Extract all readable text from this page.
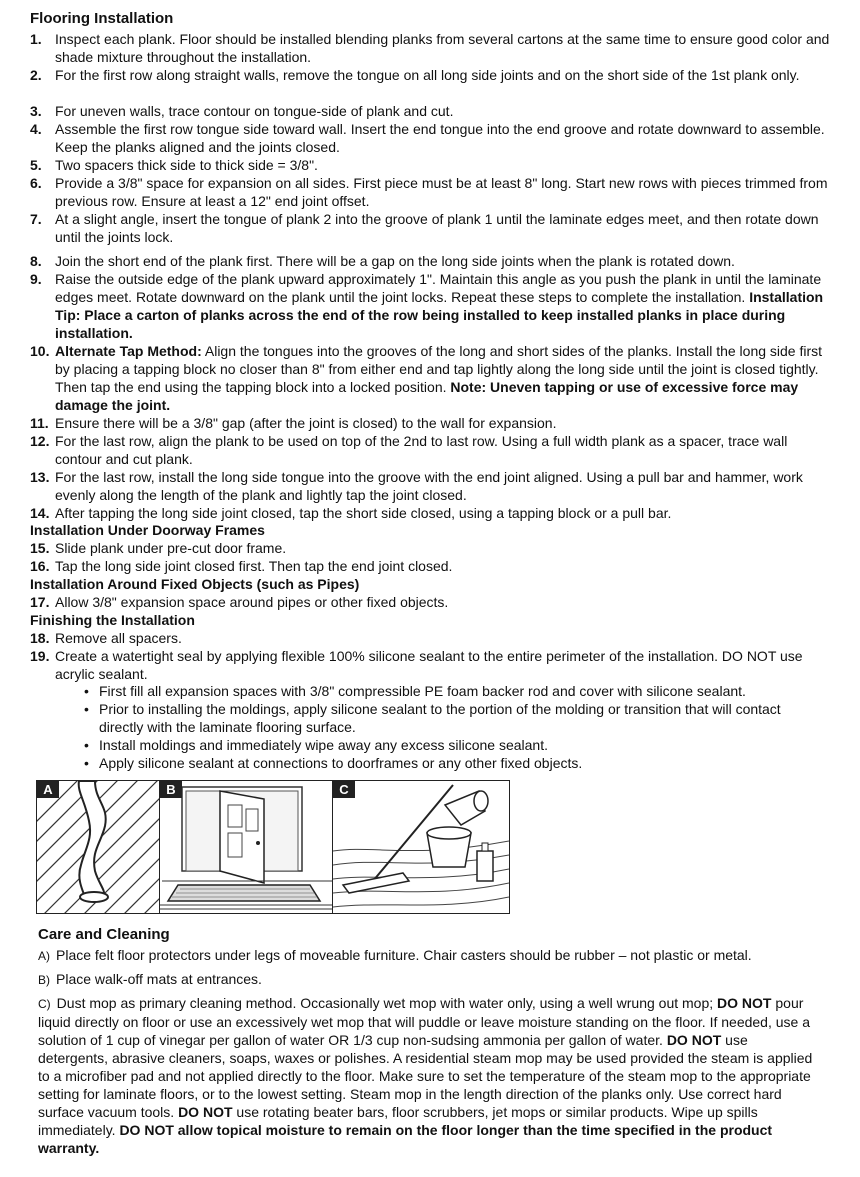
Flooring Installation
1. Inspect each plank. Floor should be installed blending planks from several cartons at the same time to ensure good color and shade mixture throughout the installation.
2. For the first row along straight walls, remove the tongue on all long side joints and on the short side of the 1st plank only.
3. For uneven walls, trace contour on tongue-side of plank and cut.
4. Assemble the first row tongue side toward wall. Insert the end tongue into the end groove and rotate downward to assemble. Keep the planks aligned and the joints closed.
5. Two spacers thick side to thick side = 3/8".
6. Provide a 3/8" space for expansion on all sides. First piece must be at least 8" long. Start new rows with pieces trimmed from previous row. Ensure at least a 12" end joint offset.
7. At a slight angle, insert the tongue of plank 2 into the groove of plank 1 until the laminate edges meet, and then rotate down until the joints lock.
8. Join the short end of the plank first. There will be a gap on the long side joints when the plank is rotated down.
9. Raise the outside edge of the plank upward approximately 1". Maintain this angle as you push the plank in until the laminate edges meet. Rotate downward on the plank until the joint locks. Repeat these steps to complete the installation. Installation Tip: Place a carton of planks across the end of the row being installed to keep installed planks in place during installation.
10. Alternate Tap Method: Align the tongues into the grooves of the long and short sides of the planks. Install the long side first by placing a tapping block no closer than 8" from either end and tap lightly along the long side until the joint is closed tightly. Then tap the end using the tapping block into a locked position. Note: Uneven tapping or use of excessive force may damage the joint.
11. Ensure there will be a 3/8" gap (after the joint is closed) to the wall for expansion.
12. For the last row, align the plank to be used on top of the 2nd to last row. Using a full width plank as a spacer, trace wall contour and cut plank.
13. For the last row, install the long side tongue into the groove with the end joint aligned. Using a pull bar and hammer, work evenly along the length of the plank and lightly tap the joint closed.
14. After tapping the long side joint closed, tap the short side closed, using a tapping block or a pull bar.
Installation Under Doorway Frames
15. Slide plank under pre-cut door frame.
16. Tap the long side joint closed first. Then tap the end joint closed.
Installation Around Fixed Objects (such as Pipes)
17. Allow 3/8" expansion space around pipes or other fixed objects.
Finishing the Installation
18. Remove all spacers.
19. Create a watertight seal by applying flexible 100% silicone sealant to the entire perimeter of the installation. DO NOT use acrylic sealant.
• First fill all expansion spaces with 3/8" compressible PE foam backer rod and cover with silicone sealant.
• Prior to installing the moldings, apply silicone sealant to the portion of the molding or transition that will contact directly with the laminate flooring surface.
• Install moldings and immediately wipe away any excess silicone sealant.
• Apply silicone sealant at connections to doorframes or any other fixed objects.
A	B	C
Care and Cleaning
A) Place felt floor protectors under legs of moveable furniture. Chair casters should be rubber – not plastic or metal.
B) Place walk-off mats at entrances.
C) Dust mop as primary cleaning method. Occasionally wet mop with water only, using a well wrung out mop; DO NOT pour liquid directly on floor or use an excessively wet mop that will puddle or leave moisture standing on the floor. If needed, use a solution of 1 cup of vinegar per gallon of water OR 1/3 cup non-sudsing ammonia per gallon of water. DO NOT use detergents, abrasive cleaners, soaps, waxes or polishes. A residential steam mop may be used provided the steam is applied to a microfiber pad and not applied directly to the floor. Make sure to set the temperature of the steam mop to the appropriate setting for laminate floors, or to the lowest setting. Steam mop in the length direction of the planks only. Use correct hard surface vacuum tools. DO NOT use rotating beater bars, floor scrubbers, jet mops or similar products. Wipe up spills immediately. DO NOT allow topical moisture to remain on the floor longer than the time specified in the product warranty.
